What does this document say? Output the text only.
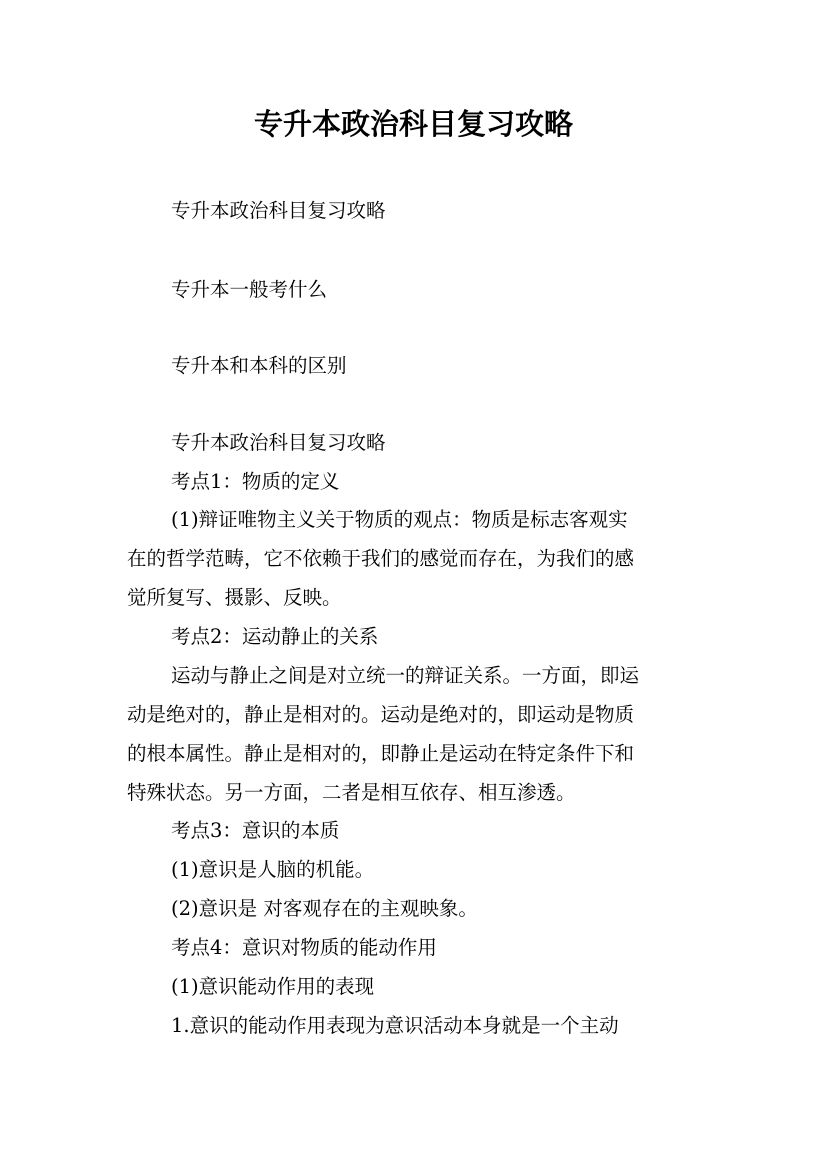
专升本政治科目复习攻略
专升本政治科目复习攻略
专升本一般考什么
专升本和本科的区别
专升本政治科目复习攻略
考点1：物质的定义
(1)辩证唯物主义关于物质的观点：物质是标志客观实
在的哲学范畴，它不依赖于我们的感觉而存在，为我们的感
觉所复写、摄影、反映。
考点2：运动静止的关系
运动与静止之间是对立统一的辩证关系。一方面，即运
动是绝对的，静止是相对的。运动是绝对的，即运动是物质
的根本属性。静止是相对的，即静止是运动在特定条件下和
特殊状态。另一方面，二者是相互依存、相互渗透。
考点3：意识的本质
(1)意识是人脑的机能。
(2)意识是 对客观存在的主观映象。
考点4：意识对物质的能动作用
(1)意识能动作用的表现
1.意识的能动作用表现为意识活动本身就是一个主动
